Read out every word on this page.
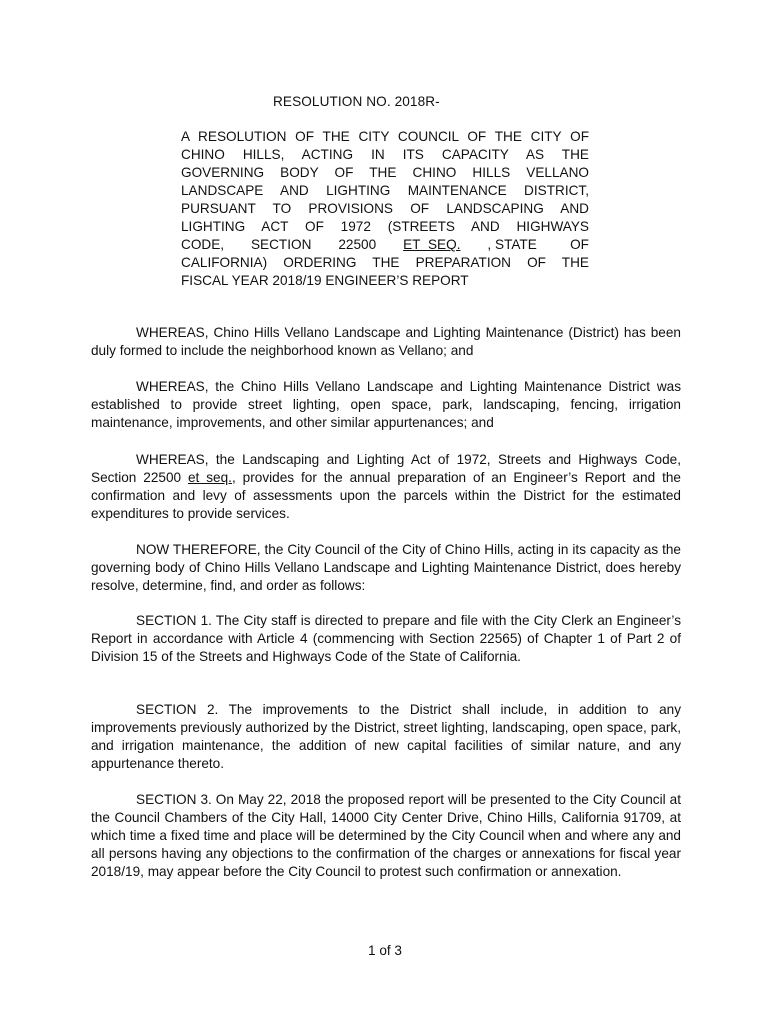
RESOLUTION NO. 2018R-
A RESOLUTION OF THE CITY COUNCIL OF THE CITY OF
CHINO HILLS, ACTING IN ITS CAPACITY AS THE
GOVERNING BODY OF THE CHINO HILLS VELLANO
LANDSCAPE AND LIGHTING MAINTENANCE DISTRICT,
PURSUANT TO PROVISIONS OF LANDSCAPING AND
LIGHTING ACT OF 1972 (STREETS AND HIGHWAYS
CODE, SECTION 22500 ET  SEQ. , STATE OF
CALIFORNIA) ORDERING THE PREPARATION OF THE
FISCAL YEAR 2018/19 ENGINEER’S REPORT

WHEREAS, Chino Hills Vellano Landscape and Lighting Maintenance (District) has been duly formed to include the neighborhood known as Vellano; and

WHEREAS, the Chino Hills Vellano Landscape and Lighting Maintenance District was established to provide street lighting, open space, park, landscaping, fencing, irrigation maintenance, improvements, and other similar appurtenances; and

WHEREAS, the Landscaping and Lighting Act of 1972, Streets and Highways Code, Section 22500 et seq., provides for the annual preparation of an Engineer’s Report and the confirmation and levy of assessments upon the parcels within the District for the estimated expenditures to provide services.

NOW THEREFORE, the City Council of the City of Chino Hills, acting in its capacity as the governing body of Chino Hills Vellano Landscape and Lighting Maintenance District, does hereby resolve, determine, find, and order as follows:

SECTION 1. The City staff is directed to prepare and file with the City Clerk an Engineer’s Report in accordance with Article 4 (commencing with Section 22565) of Chapter 1 of Part 2 of Division 15 of the Streets and Highways Code of the State of California.

SECTION 2. The improvements to the District shall include, in addition to any improvements previously authorized by the District, street lighting, landscaping, open space, park, and irrigation maintenance, the addition of new capital facilities of similar nature, and any appurtenance thereto.

SECTION 3. On May 22, 2018 the proposed report will be presented to the City Council at the Council Chambers of the City Hall, 14000 City Center Drive, Chino Hills, California 91709, at which time a fixed time and place will be determined by the City Council when and where any and all persons having any objections to the confirmation of the charges or annexations for fiscal year 2018/19, may appear before the City Council to protest such confirmation or annexation.

1 of 3
